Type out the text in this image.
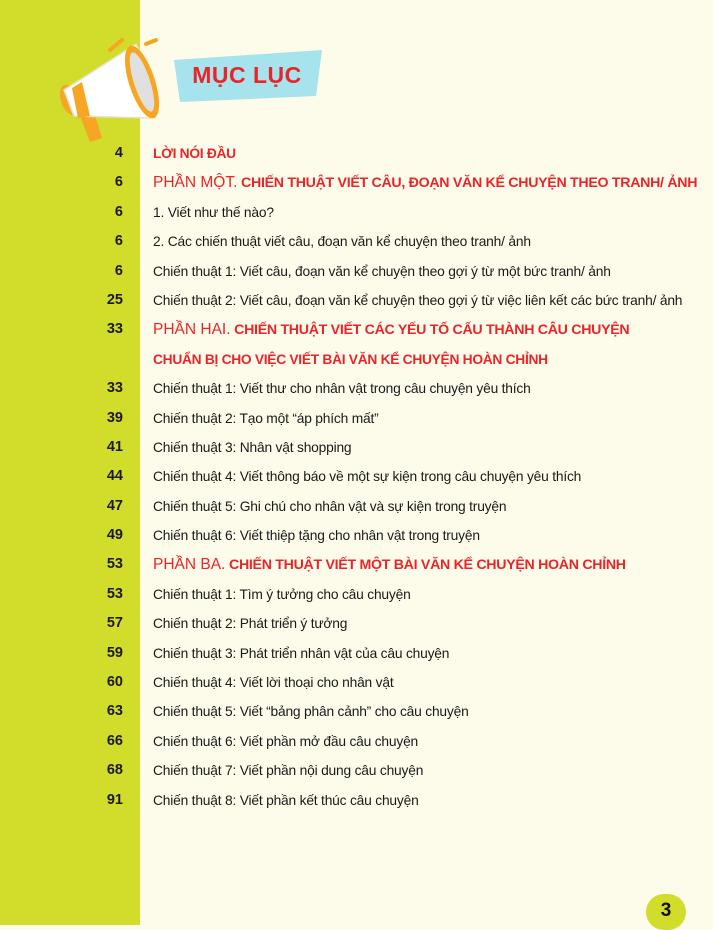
MỤC LỤC
4 LỜI NÓI ĐẦU
6 PHẦN MỘT. CHIẾN THUẬT VIẾT CÂU, ĐOẠN VĂN KỂ CHUYỆN THEO TRANH/ ẢNH
6 1. Viết như thế nào?
6 2. Các chiến thuật viết câu, đoạn văn kể chuyện theo tranh/ ảnh
6 Chiến thuật 1: Viết câu, đoạn văn kể chuyện theo gợi ý từ một bức tranh/ ảnh
25 Chiến thuật 2: Viết câu, đoạn văn kể chuyện theo gợi ý từ việc liên kết các bức tranh/ ảnh
33 PHẦN HAI. CHIẾN THUẬT VIẾT CÁC YẾU TỐ CẤU THÀNH CÂU CHUYỆN
CHUẨN BỊ CHO VIỆC VIẾT BÀI VĂN KỂ CHUYỆN HOÀN CHỈNH
33 Chiến thuật 1: Viết thư cho nhân vật trong câu chuyện yêu thích
39 Chiến thuật 2: Tạo một “áp phích mất”
41 Chiến thuật 3: Nhân vật shopping
44 Chiến thuật 4: Viết thông báo về một sự kiện trong câu chuyện yêu thích
47 Chiến thuật 5: Ghi chú cho nhân vật và sự kiện trong truyện
49 Chiến thuật 6: Viết thiệp tặng cho nhân vật trong truyện
53 PHẦN BA. CHIẾN THUẬT VIẾT MỘT BÀI VĂN KỂ CHUYỆN HOÀN CHỈNH
53 Chiến thuật 1: Tìm ý tưởng cho câu chuyện
57 Chiến thuật 2: Phát triển ý tưởng
59 Chiến thuật 3: Phát triển nhân vật của câu chuyện
60 Chiến thuật 4: Viết lời thoại cho nhân vật
63 Chiến thuật 5: Viết “bảng phân cảnh” cho câu chuyện
66 Chiến thuật 6: Viết phần mở đầu câu chuyện
68 Chiến thuật 7: Viết phần nội dung câu chuyện
91 Chiến thuật 8: Viết phần kết thúc câu chuyện
3
